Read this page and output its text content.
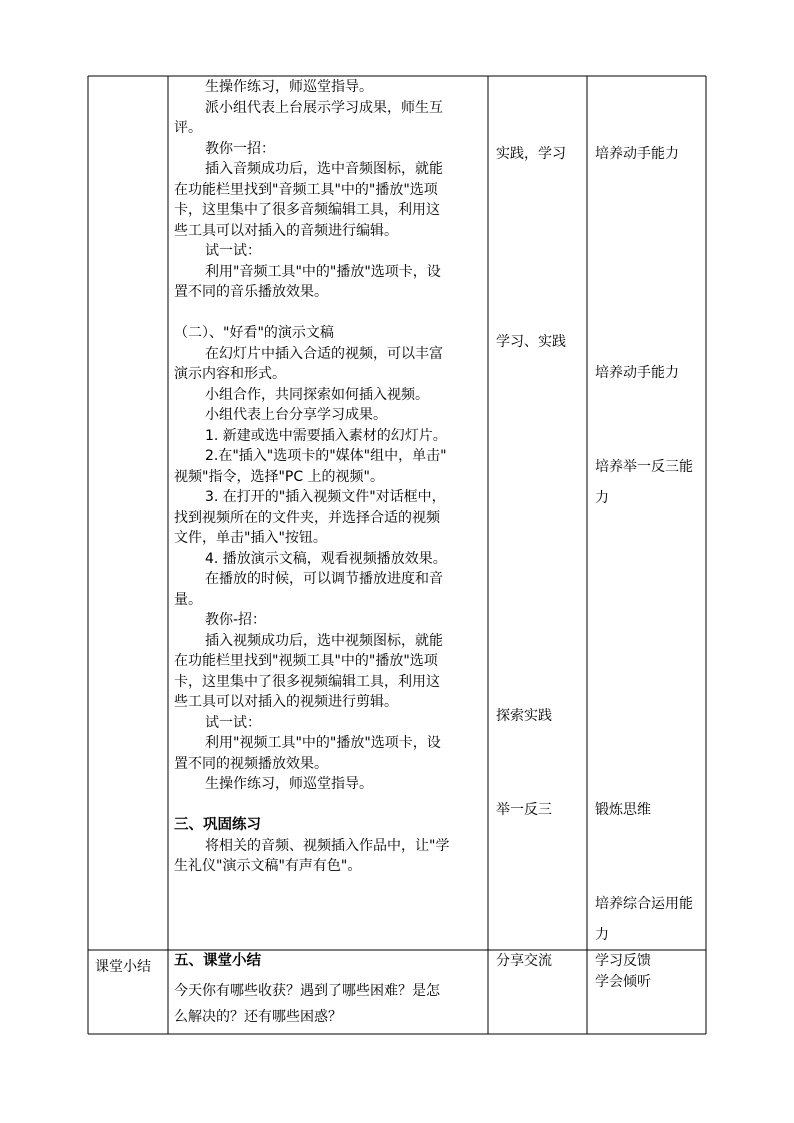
生操作练习，师巡堂指导。
派小组代表上台展示学习成果，师生互
评。
教你一招：
插入音频成功后，选中音频图标，就能
在功能栏里找到"音频工具"中的"播放"选项
卡，这里集中了很多音频编辑工具，利用这
些工具可以对插入的音频进行编辑。
试一试：
利用"音频工具"中的"播放"选项卡，设
置不同的音乐播放效果。
（二）、"好看"的演示文稿
在幻灯片中插入合适的视频，可以丰富
演示内容和形式。
小组合作，共同探索如何插入视频。
小组代表上台分享学习成果。
1. 新建或选中需要插入素材的幻灯片。
2.在"插入"选项卡的"媒体"组中，单击"
视频"指令，选择"PC 上的视频"。
3. 在打开的"插入视频文件"对话框中，
找到视频所在的文件夹，并选择合适的视频
文件，单击"插入"按钮。
4. 播放演示文稿，观看视频播放效果。
在播放的时候，可以调节播放进度和音
量。
教你-招：
插入视频成功后，选中视频图标，就能
在功能栏里找到"视频工具"中的"播放"选项
卡，这里集中了很多视频编辑工具，利用这
些工具可以对插入的视频进行剪辑。
试一试：
利用"视频工具"中的"播放"选项卡，设
置不同的视频播放效果。
生操作练习，师巡堂指导。
三、巩固练习
将相关的音频、视频插入作品中，让"学
生礼仪"演示文稿"有声有色"。
实践，学习
学习、实践
探索实践
举一反三
培养动手能力
培养动手能力
培养举一反三能
力
锻炼思维
培养综合运用能
力
课堂小结 五、课堂小结
今天你有哪些收获？遇到了哪些困难？是怎
么解决的？还有哪些困惑？
分享交流	学习反馈
学会倾听
